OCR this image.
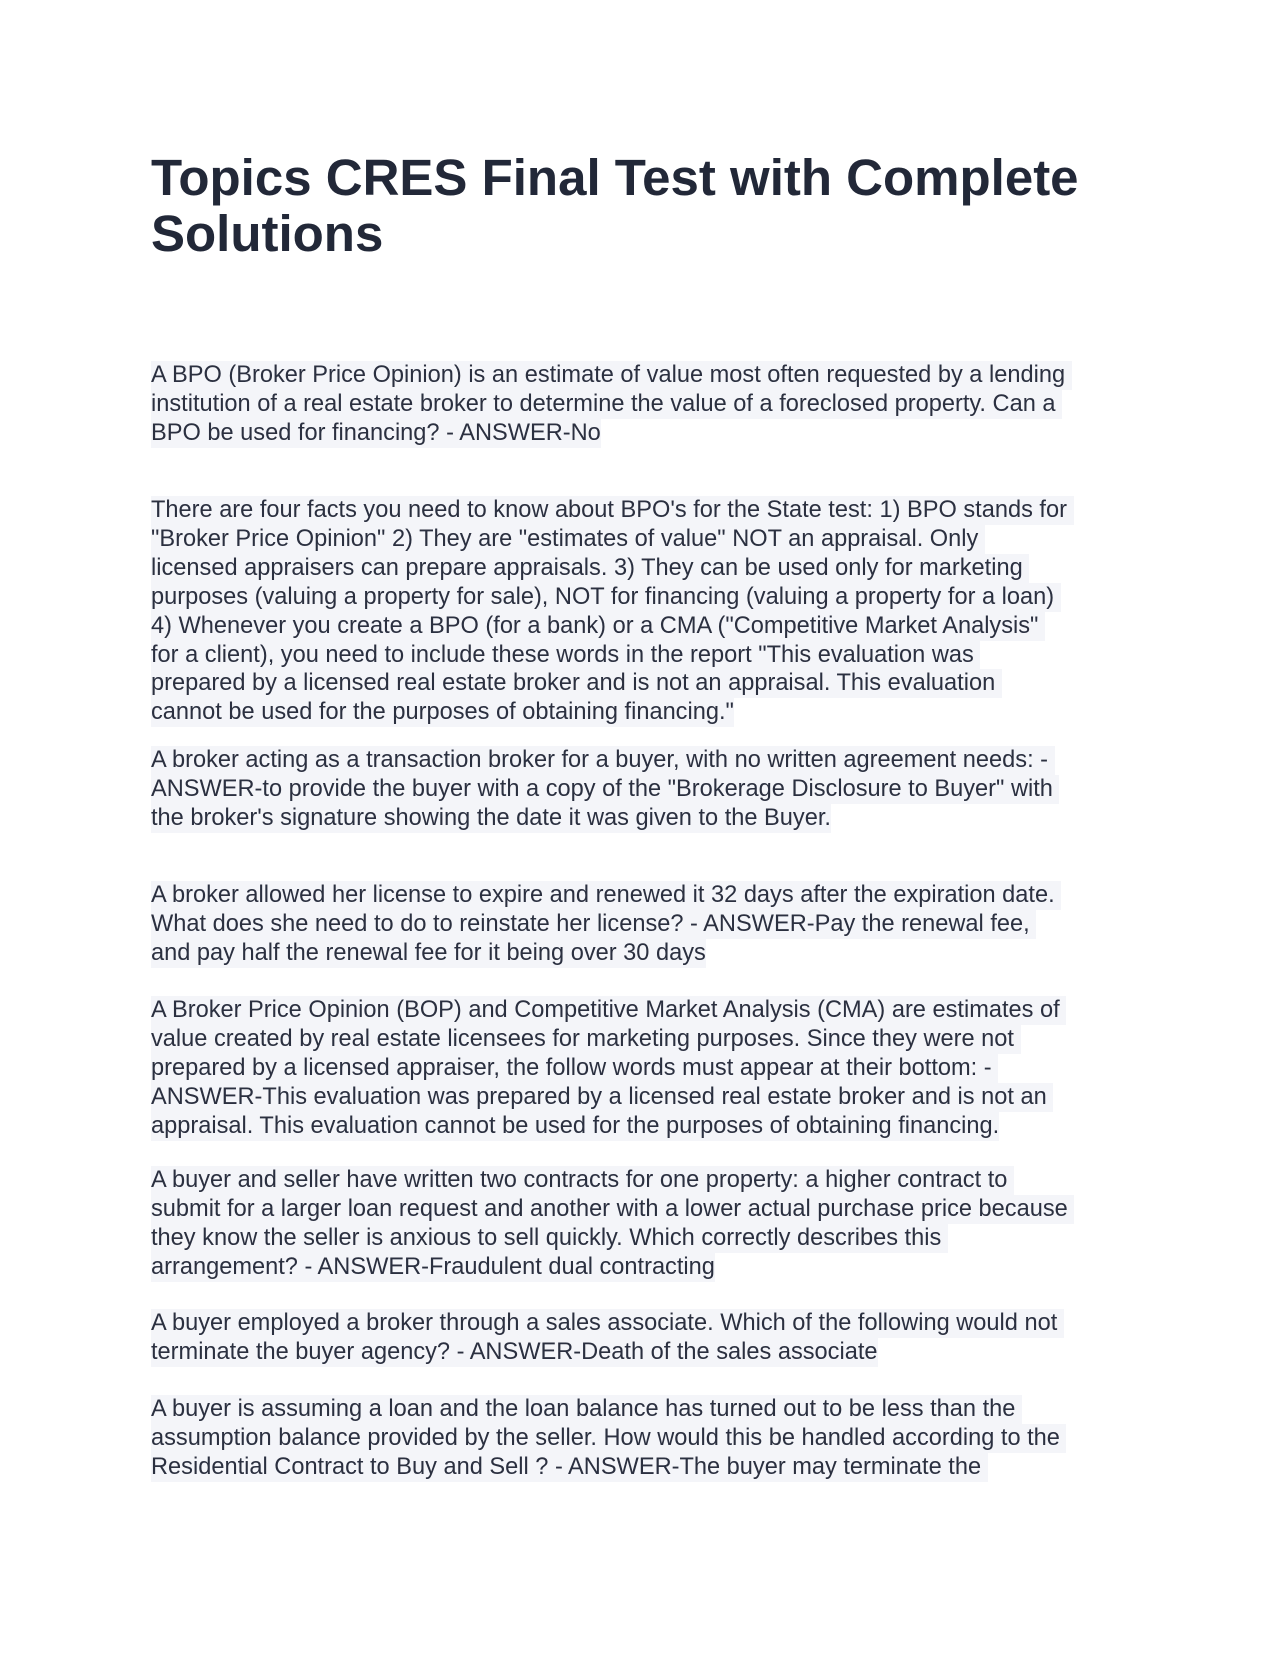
Topics CRES Final Test with Complete Solutions
A BPO (Broker Price Opinion) is an estimate of value most often requested by a lending
institution of a real estate broker to determine the value of a foreclosed property. Can a
BPO be used for financing? - ANSWER-No
There are four facts you need to know about BPO's for the State test: 1) BPO stands for
"Broker Price Opinion" 2) They are "estimates of value" NOT an appraisal. Only
licensed appraisers can prepare appraisals. 3) They can be used only for marketing
purposes (valuing a property for sale), NOT for financing (valuing a property for a loan)
4) Whenever you create a BPO (for a bank) or a CMA ("Competitive Market Analysis"
for a client), you need to include these words in the report "This evaluation was
prepared by a licensed real estate broker and is not an appraisal. This evaluation
cannot be used for the purposes of obtaining financing."
A broker acting as a transaction broker for a buyer, with no written agreement needs: -
ANSWER-to provide the buyer with a copy of the "Brokerage Disclosure to Buyer" with
the broker's signature showing the date it was given to the Buyer.
A broker allowed her license to expire and renewed it 32 days after the expiration date.
What does she need to do to reinstate her license? - ANSWER-Pay the renewal fee,
and pay half the renewal fee for it being over 30 days
A Broker Price Opinion (BOP) and Competitive Market Analysis (CMA) are estimates of
value created by real estate licensees for marketing purposes. Since they were not
prepared by a licensed appraiser, the follow words must appear at their bottom: -
ANSWER-This evaluation was prepared by a licensed real estate broker and is not an
appraisal. This evaluation cannot be used for the purposes of obtaining financing.
A buyer and seller have written two contracts for one property: a higher contract to
submit for a larger loan request and another with a lower actual purchase price because
they know the seller is anxious to sell quickly. Which correctly describes this
arrangement? - ANSWER-Fraudulent dual contracting
A buyer employed a broker through a sales associate. Which of the following would not
terminate the buyer agency? - ANSWER-Death of the sales associate
A buyer is assuming a loan and the loan balance has turned out to be less than the
assumption balance provided by the seller. How would this be handled according to the
Residential Contract to Buy and Sell ? - ANSWER-The buyer may terminate the
